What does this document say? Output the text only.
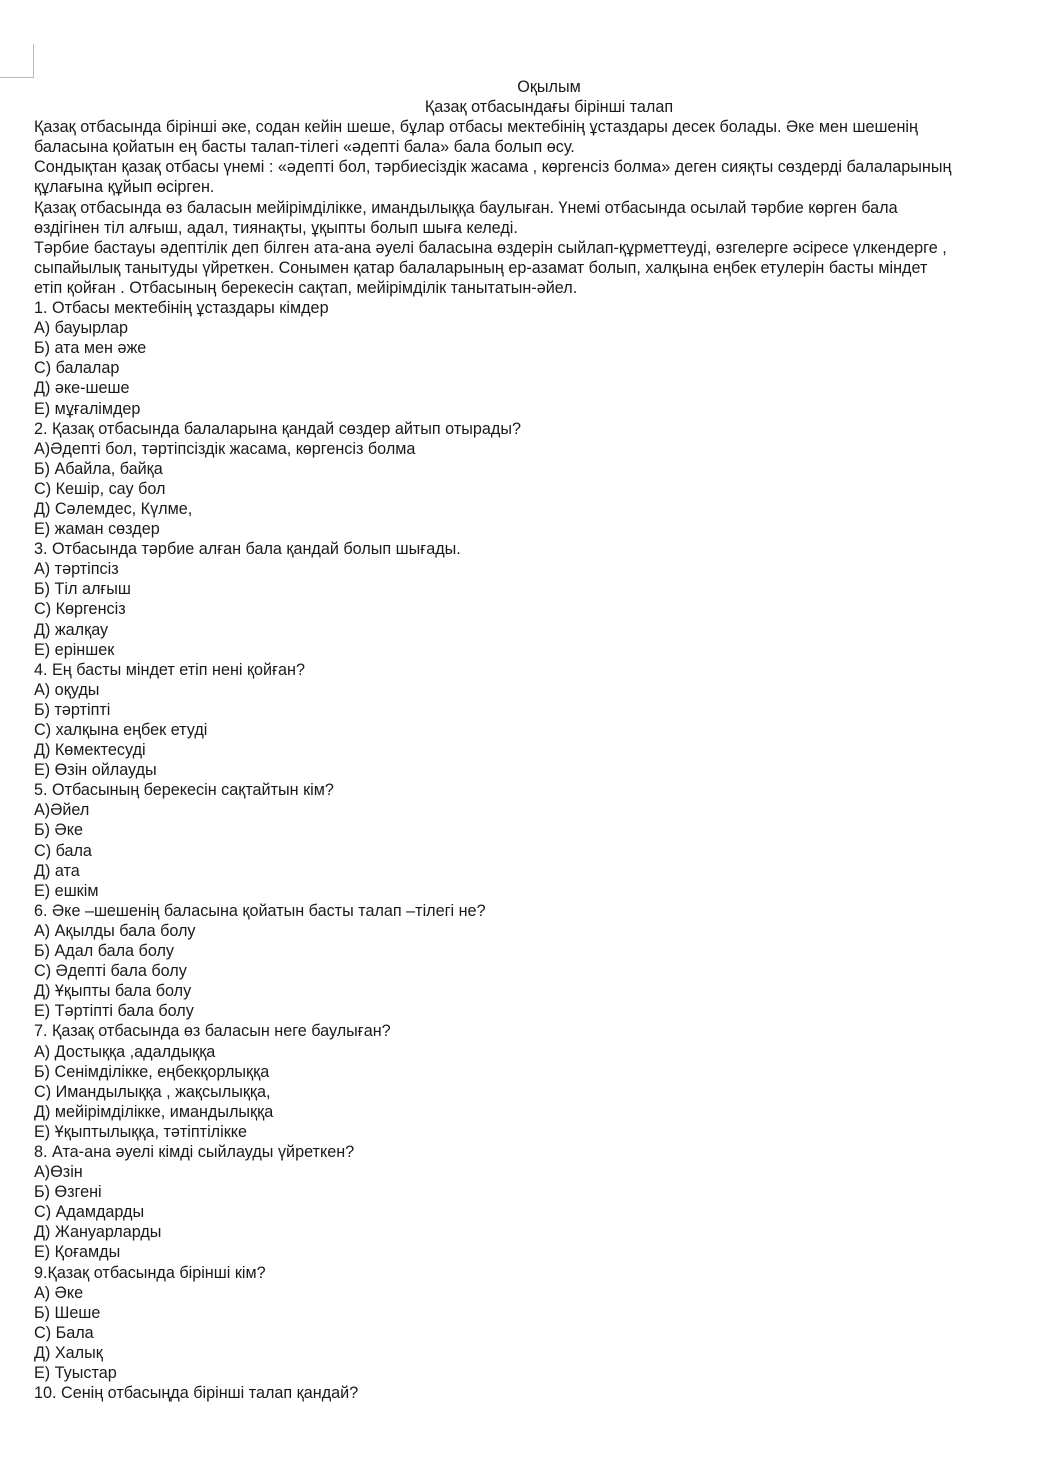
Оқылым
Қазақ отбасындағы бірінші талап
Қазақ отбасында бірінші әке, содан кейін шеше, бұлар отбасы мектебінің ұстаздары десек болады. Әке мен шешенің
баласына қойатын ең басты талап-тілегі «әдепті бала» бала болып өсу.
Сондықтан қазақ отбасы үнемі : «әдепті бол, тәрбиесіздік жасама , көргенсіз болма» деген сияқты сөздерді балаларының
құлағына құйып өсірген.
Қазақ отбасында өз баласын мейірімділікке, имандылыққа баулыған. Үнемі отбасында осылай тәрбие көрген бала
өздігінен тіл алғыш, адал, тиянақты, ұқыпты болып шыға келеді.
Тәрбие бастауы әдептілік деп білген ата-ана әуелі баласына өздерін сыйлап-құрметтеуді, өзгелерге әсіресе үлкендерге ,
сыпайылық танытуды үйреткен. Сонымен қатар балаларының ер-азамат болып, халқына еңбек етулерін басты міндет
етіп қойған . Отбасының берекесін сақтап, мейірімділік танытатын-әйел.
1. Отбасы мектебінің ұстаздары кімдер
А) бауырлар
Б) ата мен әже
С) балалар
Д) әке-шеше
Е) мұғалімдер
2. Қазақ отбасында балаларына қандай сөздер айтып отырады?
А)Әдепті бол, тәртіпсіздік жасама, көргенсіз болма
Б) Абайла, байқа
С) Кешір, сау бол
Д) Сәлемдес, Күлме,
Е) жаман сөздер
3. Отбасында тәрбие алған бала қандай болып шығады.
А) тәртіпсіз
Б) Тіл алғыш
С) Көргенсіз
Д) жалқау
Е) еріншек
4. Ең басты міндет етіп нені қойған?
А) оқуды
Б) тәртіпті
С) халқына еңбек етуді
Д) Көмектесуді
Е) Өзін ойлауды
5. Отбасының берекесін сақтайтын кім?
А)Әйел
Б) Әке
С) бала
Д) ата
Е) ешкім
6. Әке –шешенің баласына қойатын басты талап –тілегі не?
А) Ақылды бала болу
Б) Адал бала болу
С) Әдепті бала болу
Д) Ұқыпты бала болу
Е) Тәртіпті бала болу
7. Қазақ отбасында өз баласын неге баулыған?
А) Достыққа ,адалдыққа
Б) Сенімділікке, еңбекқорлыққа
С) Имандылыққа , жақсылыққа,
Д) мейірімділікке, имандылыққа
Е) Ұқыптылыққа, тәтіптілікке
8. Ата-ана әуелі кімді сыйлауды үйреткен?
А)Өзін
Б) Өзгені
С) Адамдарды
Д) Жануарларды
Е) Қоғамды
9.Қазақ отбасында бірінші кім?
А) Әке
Б) Шеше
С) Бала
Д) Халық
Е) Туыстар
10. Сенің отбасыңда бірінші талап қандай?
